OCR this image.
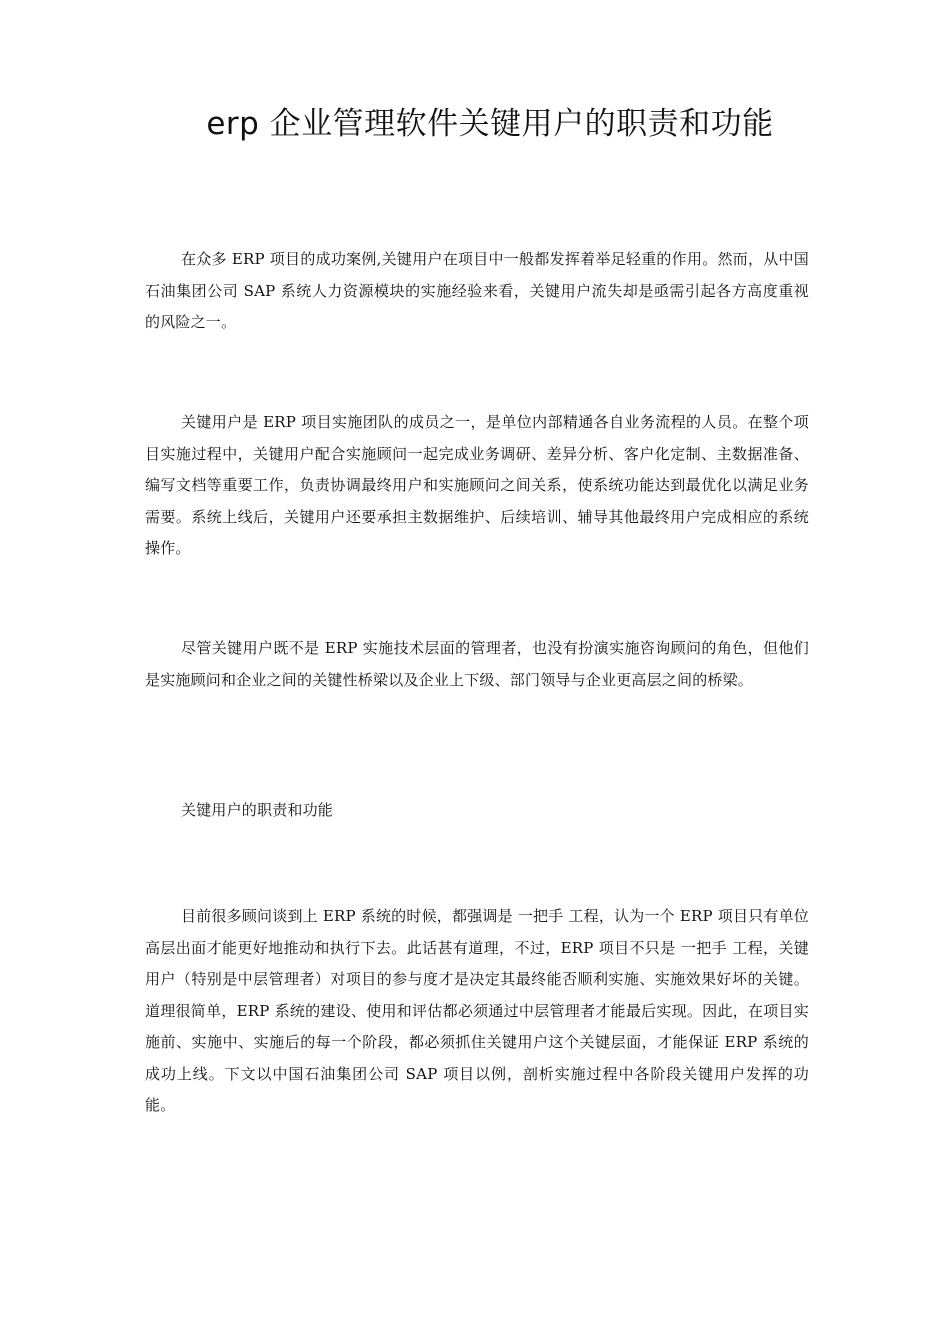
erp 企业管理软件关键用户的职责和功能

在众多 ERP 项目的成功案例,关键用户在项目中一般都发挥着举足轻重的作用。然而，从中国石油集团公司 SAP 系统人力资源模块的实施经验来看，关键用户流失却是亟需引起各方高度重视的风险之一。

关键用户是 ERP 项目实施团队的成员之一，是单位内部精通各自业务流程的人员。在整个项目实施过程中，关键用户配合实施顾问一起完成业务调研、差异分析、客户化定制、主数据准备、编写文档等重要工作，负责协调最终用户和实施顾问之间关系，使系统功能达到最优化以满足业务需要。系统上线后，关键用户还要承担主数据维护、后续培训、辅导其他最终用户完成相应的系统操作。

尽管关键用户既不是 ERP 实施技术层面的管理者，也没有扮演实施咨询顾问的角色，但他们是实施顾问和企业之间的关键性桥梁以及企业上下级、部门领导与企业更高层之间的桥梁。

关键用户的职责和功能

目前很多顾问谈到上 ERP 系统的时候，都强调是 一把手 工程，认为一个 ERP 项目只有单位高层出面才能更好地推动和执行下去。此话甚有道理，不过，ERP 项目不只是 一把手 工程，关键用户（特别是中层管理者）对项目的参与度才是决定其最终能否顺利实施、实施效果好坏的关键。道理很简单，ERP 系统的建设、使用和评估都必须通过中层管理者才能最后实现。因此，在项目实施前、实施中、实施后的每一个阶段，都必须抓住关键用户这个关键层面，才能保证 ERP 系统的成功上线。下文以中国石油集团公司 SAP 项目以例，剖析实施过程中各阶段关键用户发挥的功能。
